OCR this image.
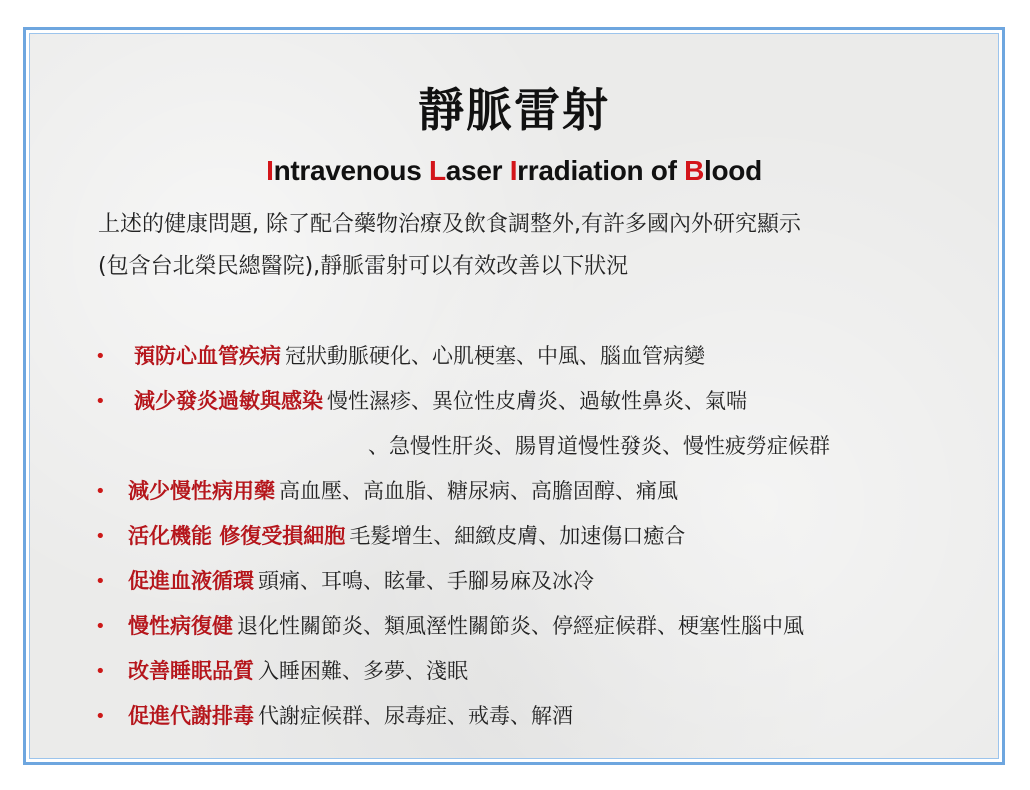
靜脈雷射
Intravenous Laser Irradiation of Blood

上述的健康問題, 除了配合藥物治療及飲食調整外,有許多國內外研究顯示

(包含台北榮民總醫院),靜脈雷射可以有效改善以下狀況

• 預防心血管疾病 冠狀動脈硬化、心肌梗塞、中風、腦血管病變
• 減少發炎過敏與感染 慢性濕疹、異位性皮膚炎、過敏性鼻炎、氣喘
、急慢性肝炎、腸胃道慢性發炎、慢性疲勞症候群
• 減少慢性病用藥 高血壓、高血脂、糖尿病、高膽固醇、痛風
• 活化機能 修復受損細胞 毛髮增生、細緻皮膚、加速傷口癒合
• 促進血液循環 頭痛、耳鳴、眩暈、手腳易麻及冰冷
• 慢性病復健 退化性關節炎、類風溼性關節炎、停經症候群、梗塞性腦中風
• 改善睡眠品質 入睡困難、多夢、淺眠
• 促進代謝排毒 代謝症候群、尿毒症、戒毒、解酒
